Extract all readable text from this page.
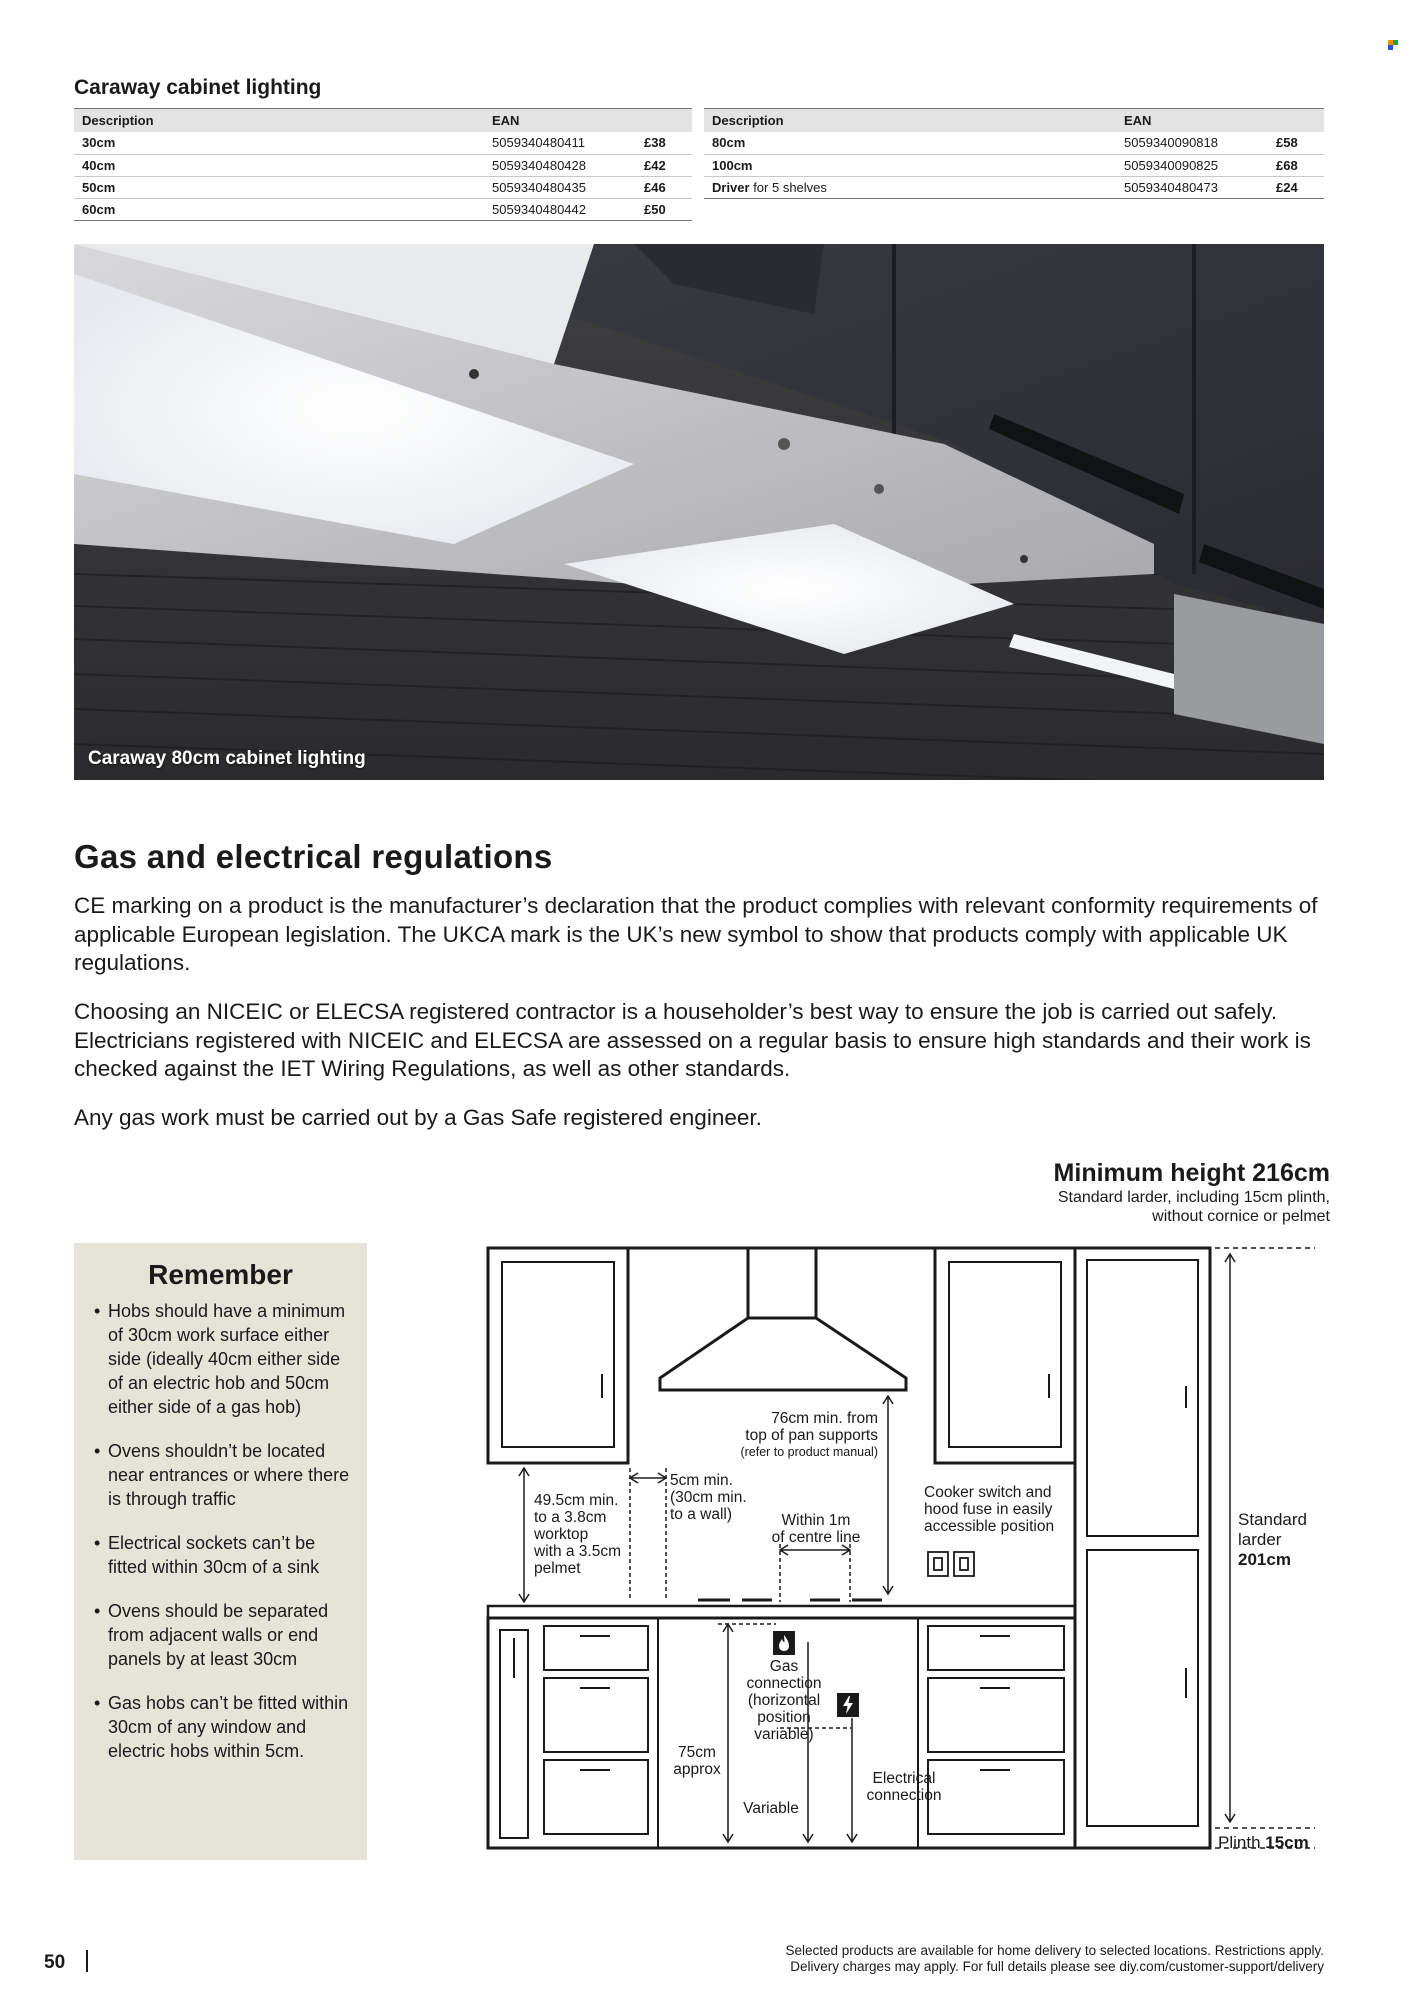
Caraway cabinet lighting
Description	EAN	
30cm	5059340480411	£38
40cm	5059340480428	£42
50cm	5059340480435	£46
60cm	5059340480442	£50
Description	EAN	
80cm	5059340090818	£58
100cm	5059340090825	£68
Driver for 5 shelves	5059340480473	£24
Caraway 80cm cabinet lighting
Gas and electrical regulations

CE marking on a product is the manufacturer’s declaration that the product complies with relevant conformity requirements of applicable European legislation. The UKCA mark is the UK’s new symbol to show that products comply with applicable UK regulations.

Choosing an NICEIC or ELECSA registered contractor is a householder’s best way to ensure the job is carried out safely. Electricians registered with NICEIC and ELECSA are assessed on a regular basis to ensure high standards and their work is checked against the IET Wiring Regulations, as well as other standards.

Any gas work must be carried out by a Gas Safe registered engineer.

Remember
• Hobs should have a minimum of 30cm work surface either side (ideally 40cm either side of an electric hob and 50cm either side of a gas hob)
• Ovens shouldn’t be located near entrances or where there is through traffic
• Electrical sockets can’t be fitted within 30cm of a sink
• Ovens should be separated from adjacent walls or end panels by at least 30cm
• Gas hobs can’t be fitted within 30cm of any window and electric hobs within 5cm.
Minimum height 216cm
Standard larder, including 15cm plinth,
without cornice or pelmet
76cm min. from
top of pan supports
(refer to product manual)
5cm min.
(30cm min.
to a wall)
49.5cm min.
to a 3.8cm
worktop
with a 3.5cm
pelmet
Within 1m
of centre line
Cooker switch and
hood fuse in easily
accessible position	Standard
larder
201cm
Gas
connection
(horizontal
position
variable)
75cm
approx
Variable
Electrical
connection
Plinth 15cm
50
Selected products are available for home delivery to selected locations. Restrictions apply.
Delivery charges may apply. For full details please see diy.com/customer-support/delivery
